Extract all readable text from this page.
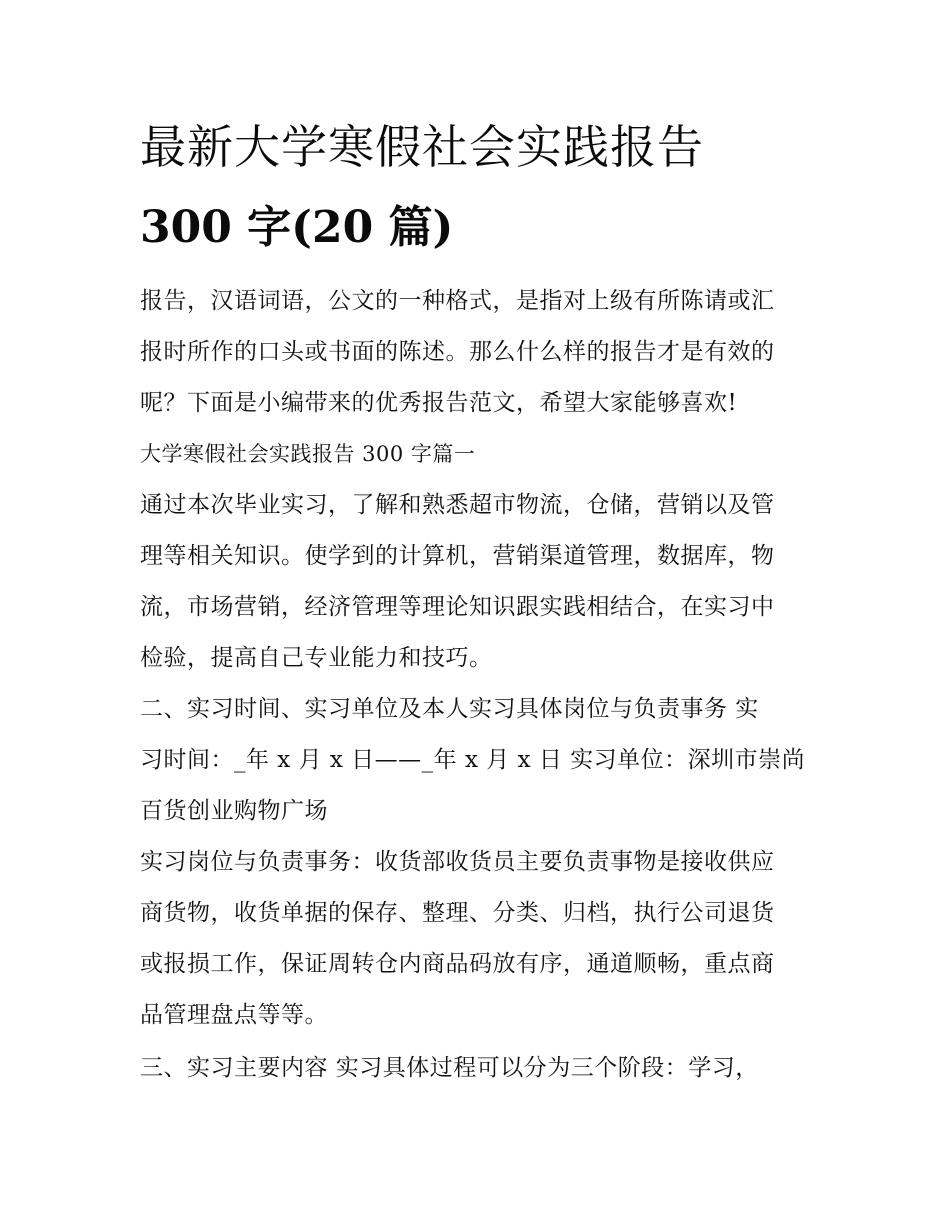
最新大学寒假社会实践报告
300 字(20 篇)
报告，汉语词语，公文的一种格式，是指对上级有所陈请或汇
报时所作的口头或书面的陈述。那么什么样的报告才是有效的
呢？下面是小编带来的优秀报告范文，希望大家能够喜欢!
大学寒假社会实践报告 300 字篇一
通过本次毕业实习，了解和熟悉超市物流，仓储，营销以及管
理等相关知识。使学到的计算机，营销渠道管理，数据库，物
流，市场营销，经济管理等理论知识跟实践相结合，在实习中
检验，提高自己专业能力和技巧。
二、实习时间、实习单位及本人实习具体岗位与负责事务 实
习时间：_年 x 月 x 日——_年 x 月 x 日 实习单位：深圳市崇尚
百货创业购物广场
实习岗位与负责事务：收货部收货员主要负责事物是接收供应
商货物，收货单据的保存、整理、分类、归档，执行公司退货
或报损工作，保证周转仓内商品码放有序，通道顺畅，重点商
品管理盘点等等。
三、实习主要内容 实习具体过程可以分为三个阶段：学习，
